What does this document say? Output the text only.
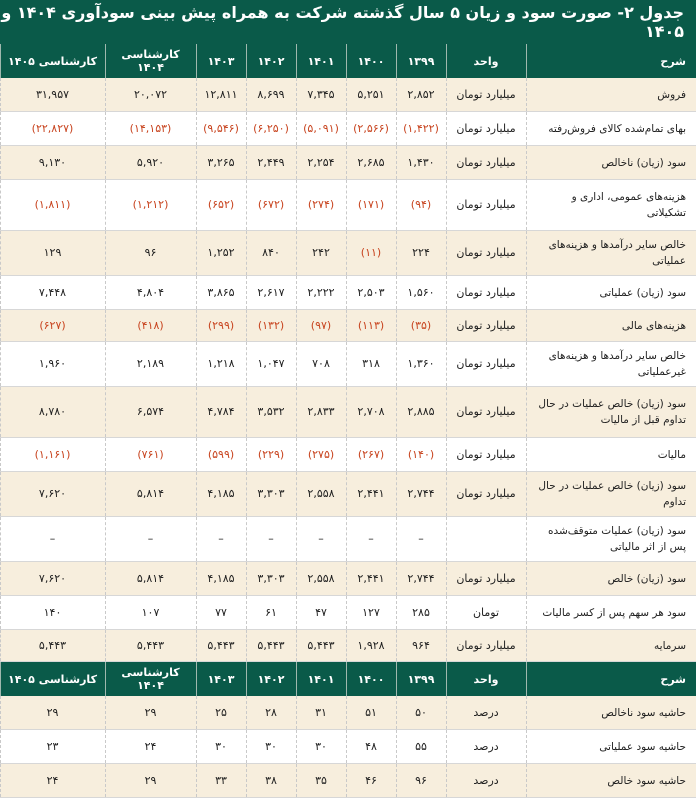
جدول ۲- صورت سود و زیان ۵ سال گذشته شرکت به همراه پیش بینی سودآوری ۱۴۰۴ و ۱۴۰۵
شرح	واحد	۱۳۹۹	۱۴۰۰	۱۴۰۱	۱۴۰۲	۱۴۰۳	کارشناسی ۱۴۰۴	کارشناسی ۱۴۰۵
فروش	میلیارد تومان	۲,۸۵۲	۵,۲۵۱	۷,۳۴۵	۸,۶۹۹	۱۲,۸۱۱	۲۰,۰۷۲	۳۱,۹۵۷
بهای تمام‌شده کالای فروش‌رفته	میلیارد تومان	(۱,۴۲۲)	(۲,۵۶۶)	(۵,۰۹۱)	(۶,۲۵۰)	(۹,۵۴۶)	(۱۴,۱۵۳)	(۲۲,۸۲۷)
سود (زیان) ناخالص	میلیارد تومان	۱,۴۳۰	۲,۶۸۵	۲,۲۵۴	۲,۴۴۹	۳,۲۶۵	۵,۹۲۰	۹,۱۳۰
هزینه‌های عمومی، اداری و تشکیلاتی	میلیارد تومان	(۹۴)	(۱۷۱)	(۲۷۴)	(۶۷۲)	(۶۵۲)	(۱,۲۱۲)	(۱,۸۱۱)
خالص سایر درآمدها و هزینه‌های عملیاتی	میلیارد تومان	۲۲۴	(۱۱)	۲۴۲	۸۴۰	۱,۲۵۲	۹۶	۱۲۹
سود (زیان) عملیاتی	میلیارد تومان	۱,۵۶۰	۲,۵۰۳	۲,۲۲۲	۲,۶۱۷	۳,۸۶۵	۴,۸۰۴	۷,۴۴۸
هزینه‌های مالی	میلیارد تومان	(۳۵)	(۱۱۳)	(۹۷)	(۱۳۲)	(۲۹۹)	(۴۱۸)	(۶۲۷)
خالص سایر درآمدها و هزینه‌های غیرعملیاتی	میلیارد تومان	۱,۳۶۰	۳۱۸	۷۰۸	۱,۰۴۷	۱,۲۱۸	۲,۱۸۹	۱,۹۶۰
سود (زیان) خالص عملیات در حال تداوم قبل از مالیات	میلیارد تومان	۲,۸۸۵	۲,۷۰۸	۲,۸۳۳	۳,۵۳۲	۴,۷۸۴	۶,۵۷۴	۸,۷۸۰
مالیات	میلیارد تومان	(۱۴۰)	(۲۶۷)	(۲۷۵)	(۲۲۹)	(۵۹۹)	(۷۶۱)	(۱,۱۶۱)
سود (زیان) خالص عملیات در حال تداوم	میلیارد تومان	۲,۷۴۴	۲,۴۴۱	۲,۵۵۸	۳,۳۰۳	۴,۱۸۵	۵,۸۱۴	۷,۶۲۰
سود (زیان) عملیات متوقف‌شده پس از اثر مالیاتی		–	–	–	–	–	–	–
سود (زیان) خالص	میلیارد تومان	۲,۷۴۴	۲,۴۴۱	۲,۵۵۸	۳,۳۰۳	۴,۱۸۵	۵,۸۱۴	۷,۶۲۰
سود هر سهم پس از کسر مالیات	تومان	۲۸۵	۱۲۷	۴۷	۶۱	۷۷	۱۰۷	۱۴۰
سرمایه	میلیارد تومان	۹۶۴	۱,۹۲۸	۵,۴۴۳	۵,۴۴۳	۵,۴۴۳	۵,۴۴۳	۵,۴۴۳
شرح	واحد	۱۳۹۹	۱۴۰۰	۱۴۰۱	۱۴۰۲	۱۴۰۳	کارشناسی ۱۴۰۴	کارشناسی ۱۴۰۵
حاشیه سود ناخالص	درصد	۵۰	۵۱	۳۱	۲۸	۲۵	۲۹	۲۹
حاشیه سود عملیاتی	درصد	۵۵	۴۸	۳۰	۳۰	۳۰	۲۴	۲۳
حاشیه سود خالص	درصد	۹۶	۴۶	۳۵	۳۸	۳۳	۲۹	۲۴
